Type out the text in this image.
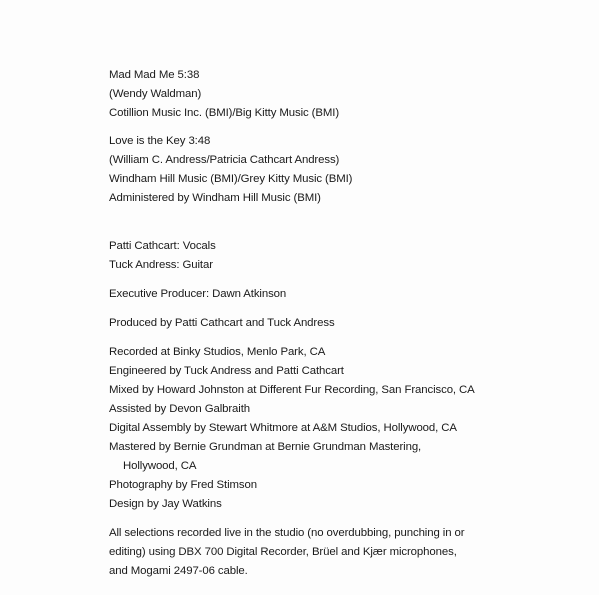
Mad Mad Me 5:38
(Wendy Waldman)
Cotillion Music Inc. (BMI)/Big Kitty Music (BMI)
Love is the Key 3:48
(William C. Andress/Patricia Cathcart Andress)
Windham Hill Music (BMI)/Grey Kitty Music (BMI)
Administered by Windham Hill Music (BMI)
Patti Cathcart: Vocals
Tuck Andress: Guitar
Executive Producer: Dawn Atkinson
Produced by Patti Cathcart and Tuck Andress
Recorded at Binky Studios, Menlo Park, CA
Engineered by Tuck Andress and Patti Cathcart
Mixed by Howard Johnston at Different Fur Recording, San Francisco, CA
Assisted by Devon Galbraith
Digital Assembly by Stewart Whitmore at A&M Studios, Hollywood, CA
Mastered by Bernie Grundman at Bernie Grundman Mastering,
Hollywood, CA
Photography by Fred Stimson
Design by Jay Watkins
All selections recorded live in the studio (no overdubbing, punching in or
editing) using DBX 700 Digital Recorder, Brüel and Kjær microphones,
and Mogami 2497-06 cable.
